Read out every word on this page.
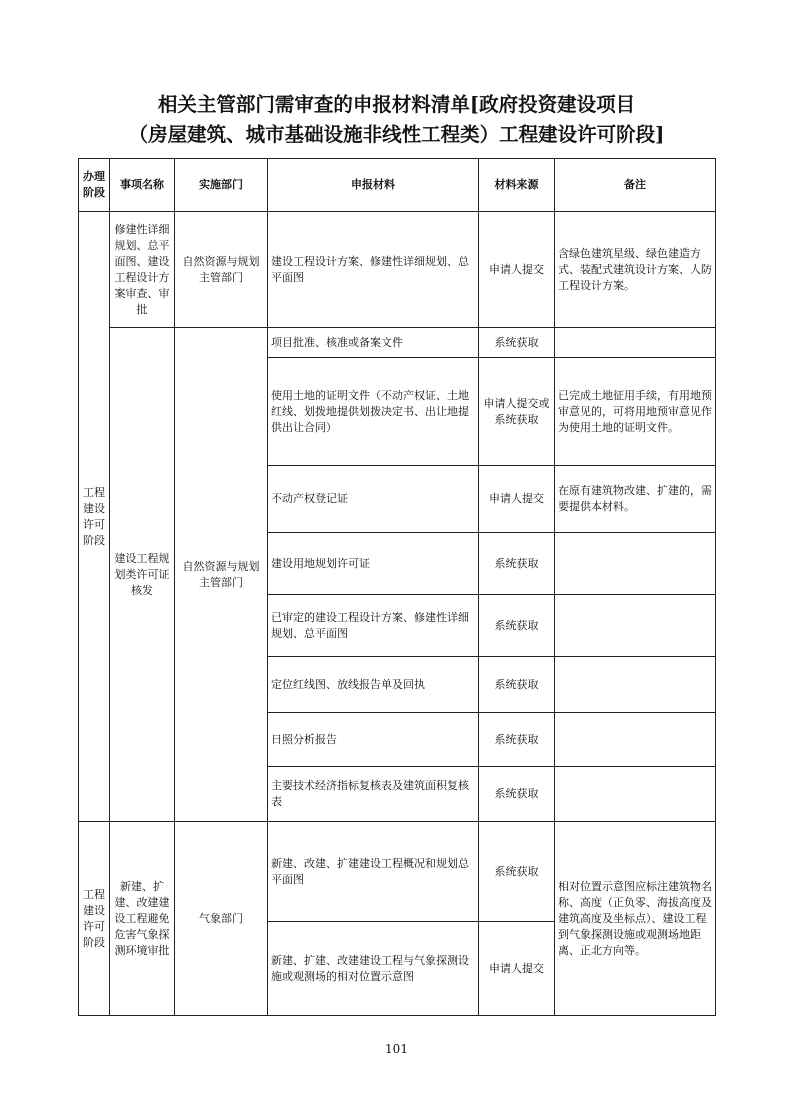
相关主管部门需审查的申报材料清单[政府投资建设项目
（房屋建筑、城市基础设施非线性工程类）工程建设许可阶段]
办理阶段	事项名称	实施部门	申报材料	材料来源	备注
工程建设许可阶段	修建性详细规划、总平面图、建设工程设计方案审查、审批	自然资源与规划主管部门	建设工程设计方案、修建性详细规划、总平面图	申请人提交	含绿色建筑星级、绿色建造方式、装配式建筑设计方案、人防工程设计方案。
	建设工程规划类许可证核发	自然资源与规划主管部门	项目批准、核准或备案文件	系统获取	
			使用土地的证明文件（不动产权证、土地红线、划拨地提供划拨决定书、出让地提供出让合同）	申请人提交或系统获取	已完成土地征用手续，有用地预审意见的，可将用地预审意见作为使用土地的证明文件。
			不动产权登记证	申请人提交	在原有建筑物改建、扩建的，需要提供本材料。
			建设用地规划许可证	系统获取	
			已审定的建设工程设计方案、修建性详细规划、总平面图	系统获取	
			定位红线图、放线报告单及回执	系统获取	
			日照分析报告	系统获取	
			主要技术经济指标复核表及建筑面积复核表	系统获取	
工程建设许可阶段	新建、扩建、改建建设工程避免危害气象探测环境审批	气象部门	新建、改建、扩建建设工程概况和规划总平面图	系统获取	相对位置示意图应标注建筑物名称、高度（正负零、海拔高度及建筑高度及坐标点）、建设工程到气象探测设施或观测场地距离、正北方向等。
			新建、扩建、改建建设工程与气象探测设施或观测场的相对位置示意图	申请人提交	
101
